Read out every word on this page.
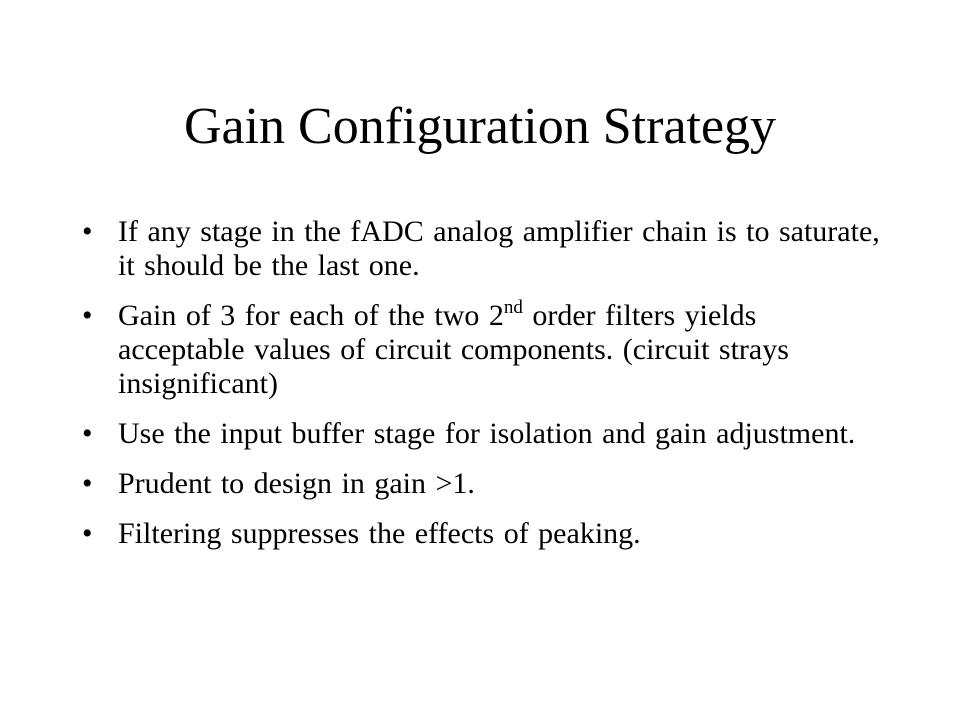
Gain Configuration Strategy
• If any stage in the fADC analog amplifier chain is to saturate, it should be the last one.
• Gain of 3 for each of the two 2nd order filters yields acceptable values of circuit components. (circuit strays insignificant)
• Use the input buffer stage for isolation and gain adjustment.
• Prudent to design in gain >1.
• Filtering suppresses the effects of peaking.
